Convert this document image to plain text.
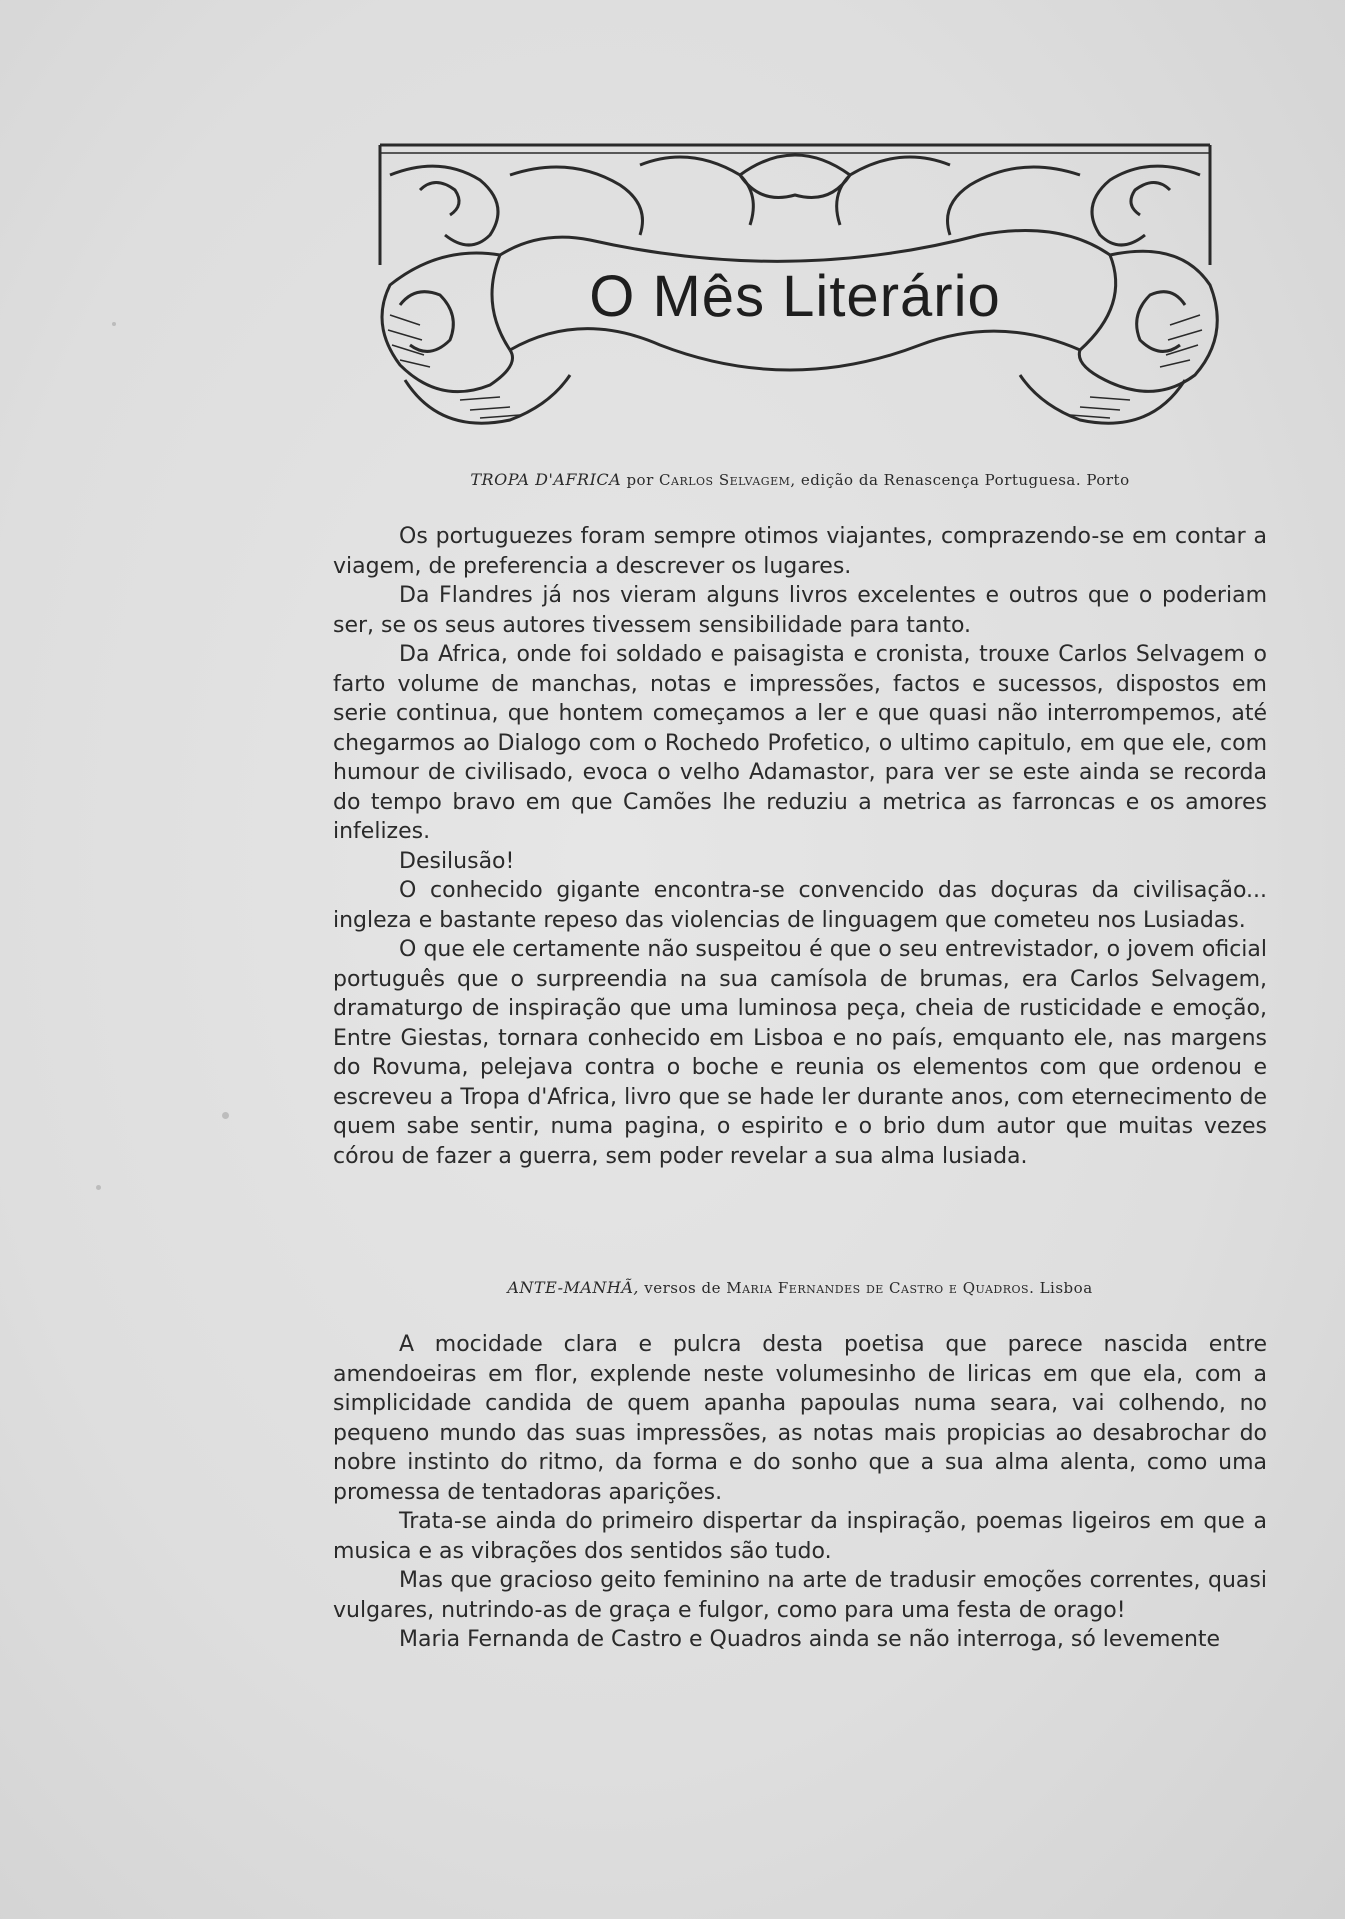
O Mês Literário
TROPA D'AFRICA por Carlos Selvagem, edição da Renascença Portuguesa. Porto

Os portuguezes foram sempre otimos viajantes, comprazendo-se em contar a viagem, de preferencia a descrever os lugares.

Da Flandres já nos vieram alguns livros excelentes e outros que o poderiam ser, se os seus autores tivessem sensibilidade para tanto.

Da Africa, onde foi soldado e paisagista e cronista, trouxe Carlos Selvagem o farto volume de manchas, notas e impressões, factos e sucessos, dispostos em serie continua, que hontem começamos a ler e que quasi não interrompemos, até chegarmos ao Dialogo com o Rochedo Profetico, o ultimo capitulo, em que ele, com humour de civilisado, evoca o velho Adamastor, para ver se este ainda se recorda do tempo bravo em que Camões lhe reduziu a metrica as farroncas e os amores infelizes.

Desilusão!

O conhecido gigante encontra-se convencido das doçuras da civilisação... ingleza e bastante repeso das violencias de linguagem que cometeu nos Lusiadas.

O que ele certamente não suspeitou é que o seu entrevistador, o jovem oficial português que o surpreendia na sua camísola de brumas, era Carlos Selvagem, dramaturgo de inspiração que uma luminosa peça, cheia de rusticidade e emoção, Entre Giestas, tornara conhecido em Lisboa e no país, emquanto ele, nas margens do Rovuma, pelejava contra o boche e reunia os elementos com que ordenou e escreveu a Tropa d'Africa, livro que se hade ler durante anos, com eternecimento de quem sabe sentir, numa pagina, o espirito e o brio dum autor que muitas vezes córou de fazer a guerra, sem poder revelar a sua alma lusiada.

ANTE-MANHÃ, versos de Maria Fernandes de Castro e Quadros. Lisboa

A mocidade clara e pulcra desta poetisa que parece nascida entre amendoeiras em flor, explende neste volumesinho de liricas em que ela, com a simplicidade candida de quem apanha papoulas numa seara, vai colhendo, no pequeno mundo das suas impressões, as notas mais propicias ao desabrochar do nobre instinto do ritmo, da forma e do sonho que a sua alma alenta, como uma promessa de tentadoras aparições.

Trata-se ainda do primeiro dispertar da inspiração, poemas ligeiros em que a musica e as vibrações dos sentidos são tudo.

Mas que gracioso geito feminino na arte de tradusir emoções correntes, quasi vulgares, nutrindo-as de graça e fulgor, como para uma festa de orago!

Maria Fernanda de Castro e Quadros ainda se não interroga, só levemente
